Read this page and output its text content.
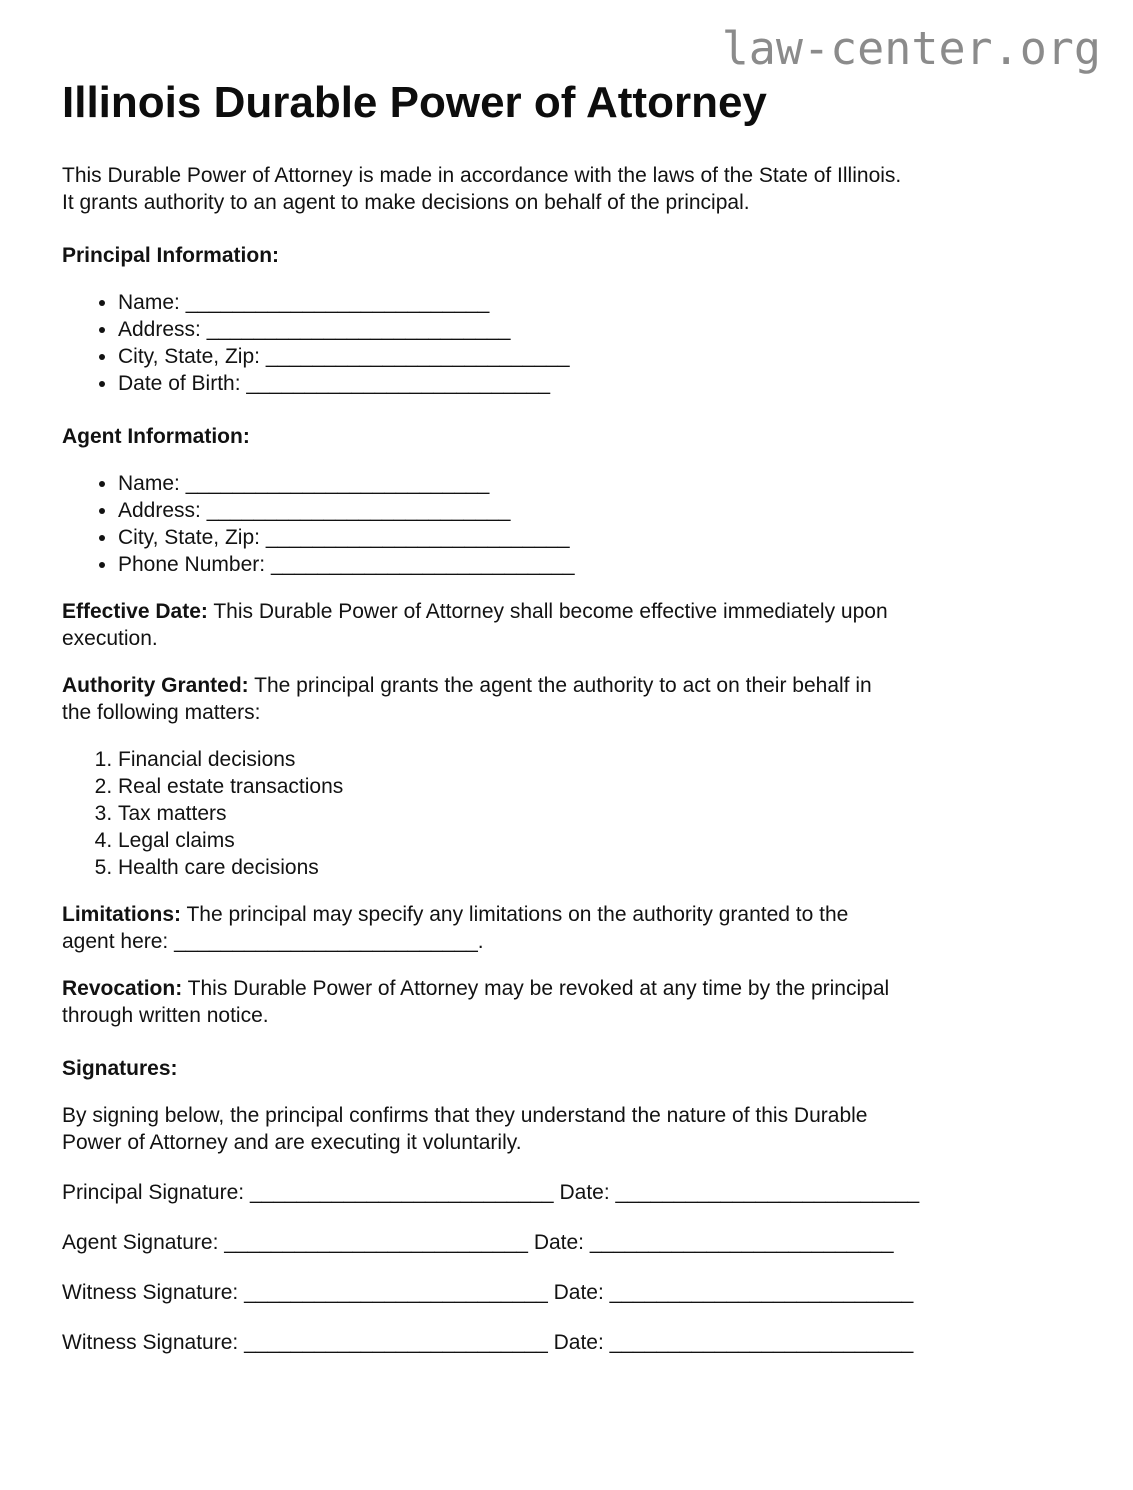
law-center.org
Illinois Durable Power of Attorney

This Durable Power of Attorney is made in accordance with the laws of the State of Illinois.
It grants authority to an agent to make decisions on behalf of the principal.

Principal Information:
• Name: __________________________
• Address: __________________________
• City, State, Zip: __________________________
• Date of Birth: __________________________
Agent Information:
• Name: __________________________
• Address: __________________________
• City, State, Zip: __________________________
• Phone Number: __________________________

Effective Date: This Durable Power of Attorney shall become effective immediately upon
execution.

Authority Granted: The principal grants the agent the authority to act on their behalf in
the following matters:

1. Financial decisions
2. Real estate transactions
3. Tax matters
4. Legal claims
5. Health care decisions

Limitations: The principal may specify any limitations on the authority granted to the
agent here: __________________________.

Revocation: This Durable Power of Attorney may be revoked at any time by the principal
through written notice.

Signatures:

By signing below, the principal confirms that they understand the nature of this Durable
Power of Attorney and are executing it voluntarily.

Principal Signature: __________________________ Date: __________________________

Agent Signature: __________________________ Date: __________________________

Witness Signature: __________________________ Date: __________________________

Witness Signature: __________________________ Date: __________________________
